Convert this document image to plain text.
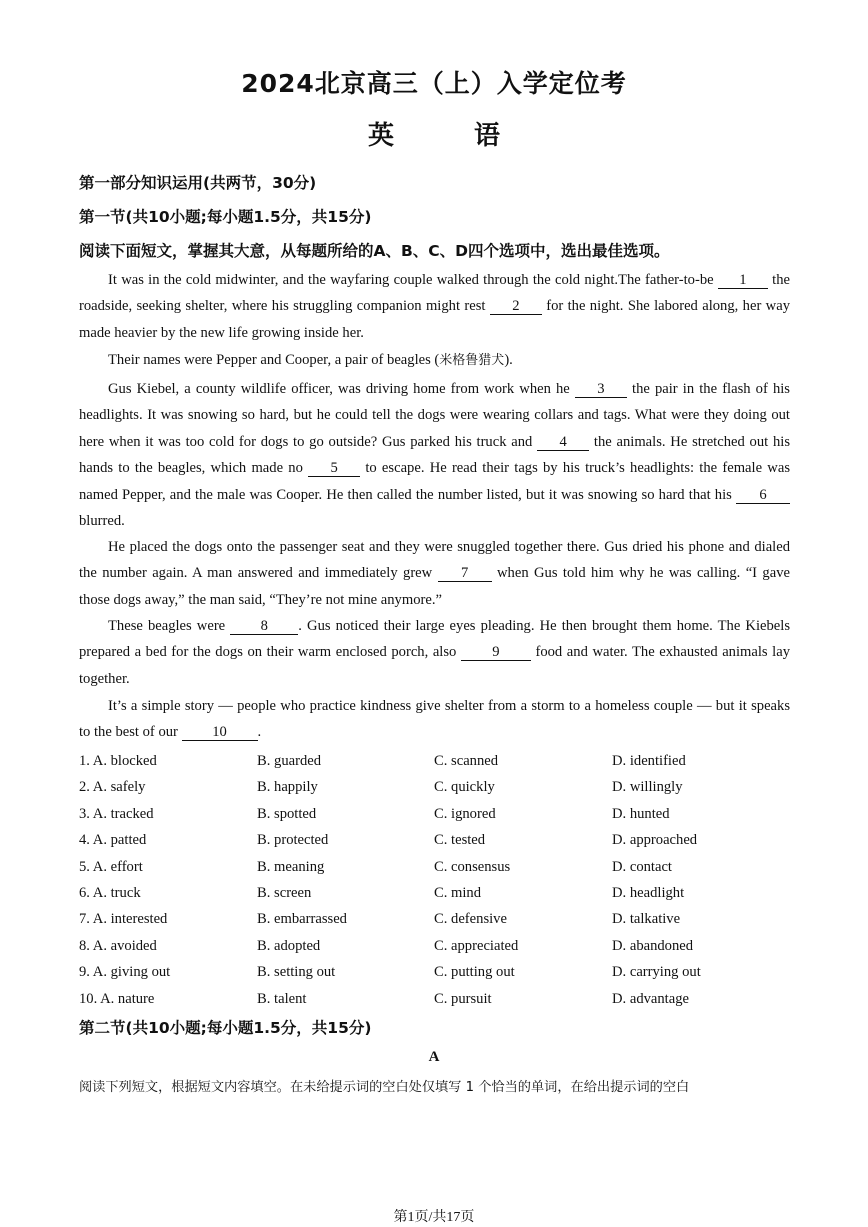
2024北京高三（上）入学定位考
英	语
第一部分知识运用(共两节，30分)
第一节(共10小题;每小题1.5分，共15分)
阅读下面短文，掌握其大意，从每题所给的A、B、C、D四个选项中，选出最佳选项。

It was in the cold midwinter, and the wayfaring couple walked through the cold night.The father-to-be 1 the roadside, seeking shelter, where his struggling companion might rest 2 for the night. She labored along, her way made heavier by the new life growing inside her.

Their names were Pepper and Cooper, a pair of beagles (米格鲁猎犬).

Gus Kiebel, a county wildlife officer, was driving home from work when he 3 the pair in the flash of his headlights. It was snowing so hard, but he could tell the dogs were wearing collars and tags. What were they doing out here when it was too cold for dogs to go outside? Gus parked his truck and 4 the animals. He stretched out his hands to the beagles, which made no 5 to escape. He read their tags by his truck’s headlights: the female was named Pepper, and the male was Cooper. He then called the number listed, but it was snowing so hard that his 6 blurred.

He placed the dogs onto the passenger seat and they were snuggled together there. Gus dried his phone and dialed the number again. A man answered and immediately grew 7 when Gus told him why he was calling. “I gave those dogs away,” the man said, “They’re not mine anymore.”

These beagles were 8 . Gus noticed their large eyes pleading. He then brought them home. The Kiebels prepared a bed for the dogs on their warm enclosed porch, also 9 food and water. The exhausted animals lay together.

It’s a simple story — people who practice kindness give shelter from a storm to a homeless couple — but it speaks to the best of our 10 .

1. A. blocked	B. guarded	C. scanned	D. identified
2. A. safely	B. happily	C. quickly	D. willingly
3. A. tracked	B. spotted	C. ignored	D. hunted
4. A. patted	B. protected	C. tested	D. approached
5. A. effort	B. meaning	C. consensus	D. contact
6. A. truck	B. screen	C. mind	D. headlight
7. A. interested	B. embarrassed	C. defensive	D. talkative
8. A. avoided	B. adopted	C. appreciated	D. abandoned
9. A. giving out	B. setting out	C. putting out	D. carrying out
10. A. nature	B. talent	C. pursuit	D. advantage
第二节(共10小题;每小题1.5分，共15分)
A
阅读下列短文，根据短文内容填空。在未给提示词的空白处仅填写 1 个恰当的单词，在给出提示词的空白
第1页/共17页
